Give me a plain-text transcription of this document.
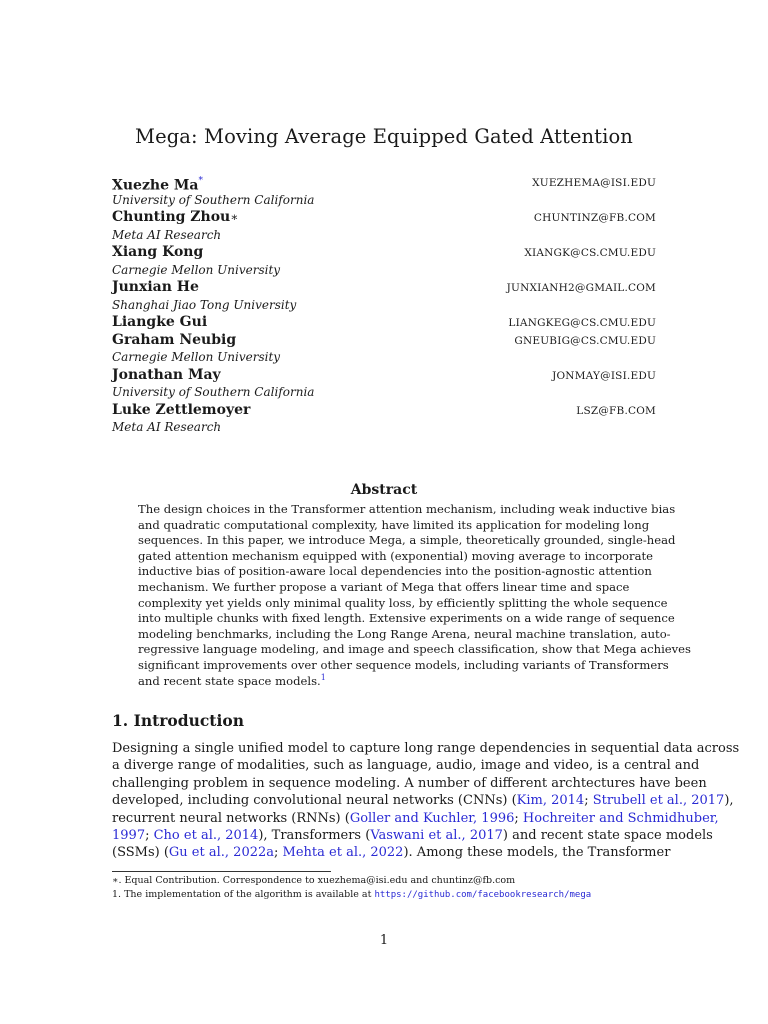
Mega: Moving Average Equipped Gated Attention
Xuezhe Ma*	XUEZHEMA@ISI.EDU
University of Southern California
Chunting Zhou∗	CHUNTINZ@FB.COM
Meta AI Research
Xiang Kong	XIANGK@CS.CMU.EDU
Carnegie Mellon University
Junxian He	JUNXIANH2@GMAIL.COM
Shanghai Jiao Tong University
Liangke Gui	LIANGKEG@CS.CMU.EDU
Graham Neubig	GNEUBIG@CS.CMU.EDU
Carnegie Mellon University
Jonathan May	JONMAY@ISI.EDU
University of Southern California
Luke Zettlemoyer	LSZ@FB.COM
Meta AI Research
Abstract

The design choices in the Transformer attention mechanism, including weak inductive bias

and quadratic computational complexity, have limited its application for modeling long

sequences. In this paper, we introduce Mega, a simple, theoretically grounded, single-head

gated attention mechanism equipped with (exponential) moving average to incorporate

inductive bias of position-aware local dependencies into the position-agnostic attention

mechanism. We further propose a variant of Mega that offers linear time and space

complexity yet yields only minimal quality loss, by efficiently splitting the whole sequence

into multiple chunks with fixed length. Extensive experiments on a wide range of sequence

modeling benchmarks, including the Long Range Arena, neural machine translation, auto-

regressive language modeling, and image and speech classification, show that Mega achieves

significant improvements over other sequence models, including variants of Transformers

and recent state space models.$^1$

1. Introduction

Designing a single unified model to capture long range dependencies in sequential data across

a diverge range of modalities, such as language, audio, image and video, is a central and

challenging problem in sequence modeling. A number of different archtectures have been

developed, including convolutional neural networks (CNNs) (Kim, 2014; Strubell et al., 2017),

recurrent neural networks (RNNs) (Goller and Kuchler, 1996; Hochreiter and Schmidhuber,

1997; Cho et al., 2014), Transformers (Vaswani et al., 2017) and recent state space models

(SSMs) (Gu et al., 2022a; Mehta et al., 2022). Among these models, the Transformer

∗. Equal Contribution. Correspondence to xuezhema@isi.edu and chuntinz@fb.com

1. The implementation of the algorithm is available at https://github.com/facebookresearch/mega

1
